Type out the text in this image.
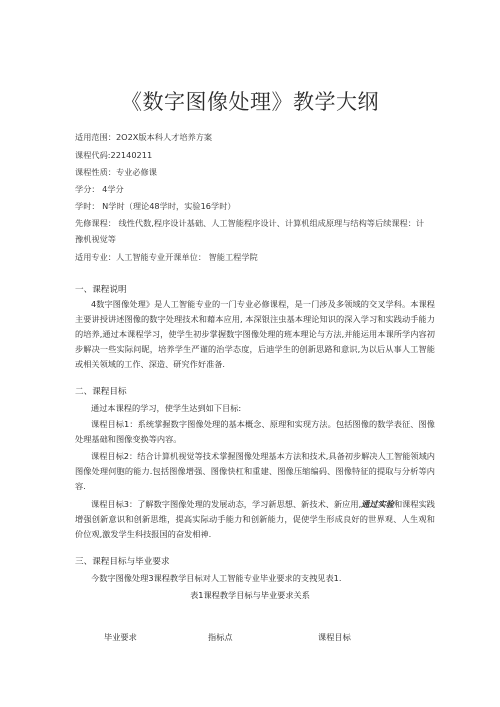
《数字图像处理》教学大纲
适用范围：2O2X版本科人才培养方案
课程代码:22140211
课程性质：专业必修课
学分： 4学分
学时： N学时（理论48学时，实验16学时）
先修课程： 线性代数,程序设计基础、人工智能程序设计、计算机组成原理与结构等后续课程：计
豫机视觉等
适用专业：人工智能专业开课单位： 智能工程学院
一、课程说明
4数字图像处理》是人工智能专业的一门专业必修课程，是一门涉及多领域的交叉学科。本课程主要讲授讲述图像的数字处理技术和藉本应用, 本深银注虫基本理论知识的深入学习和实践动手能力的培养,通过本课程学习，使学生初步掌握数字图像处理的班本理论与方法,并能运用本课所学内容初步解决一些实际问昵，培养学生严谨的治学态度，后迪学生的创新思路和意识,为以后从事人工智能或相关领域的工作、深造、研究作好准备.
二、课程目标
通过本课程的学习，使学生达到如下目标:
课程目标1：系统掌握数字图像处理的基本概念、原理和实现方法。包括图像的数学表征、图像处理基础和图像变换等内容。
课程目标2：结合计算机视觉等技术掌握图像处理基本方法和技术,具备初步解决人工智能领域内图像处理何胞的能力.包括图像增强、图像快杠和重建、图像压缩编码、图像特征的提取与分析等内容.
课程目标3：了解数字图像处理的发展动态，学习新思想、新技术、新应用,通过实验和课程实践增强创新意识和创新思维，提高实际动手能力和创新能力，促使学生形成良好的世界观、人生观和价位观,激发学生科技报国的奋发相神.
三、课程目标与毕业要求
今数字图像处理3课程教学目标对人工智能专业毕业要求的支拽见表1.
表1课程教学目标与毕业要求关系
毕业要求	指标点	课程目标
